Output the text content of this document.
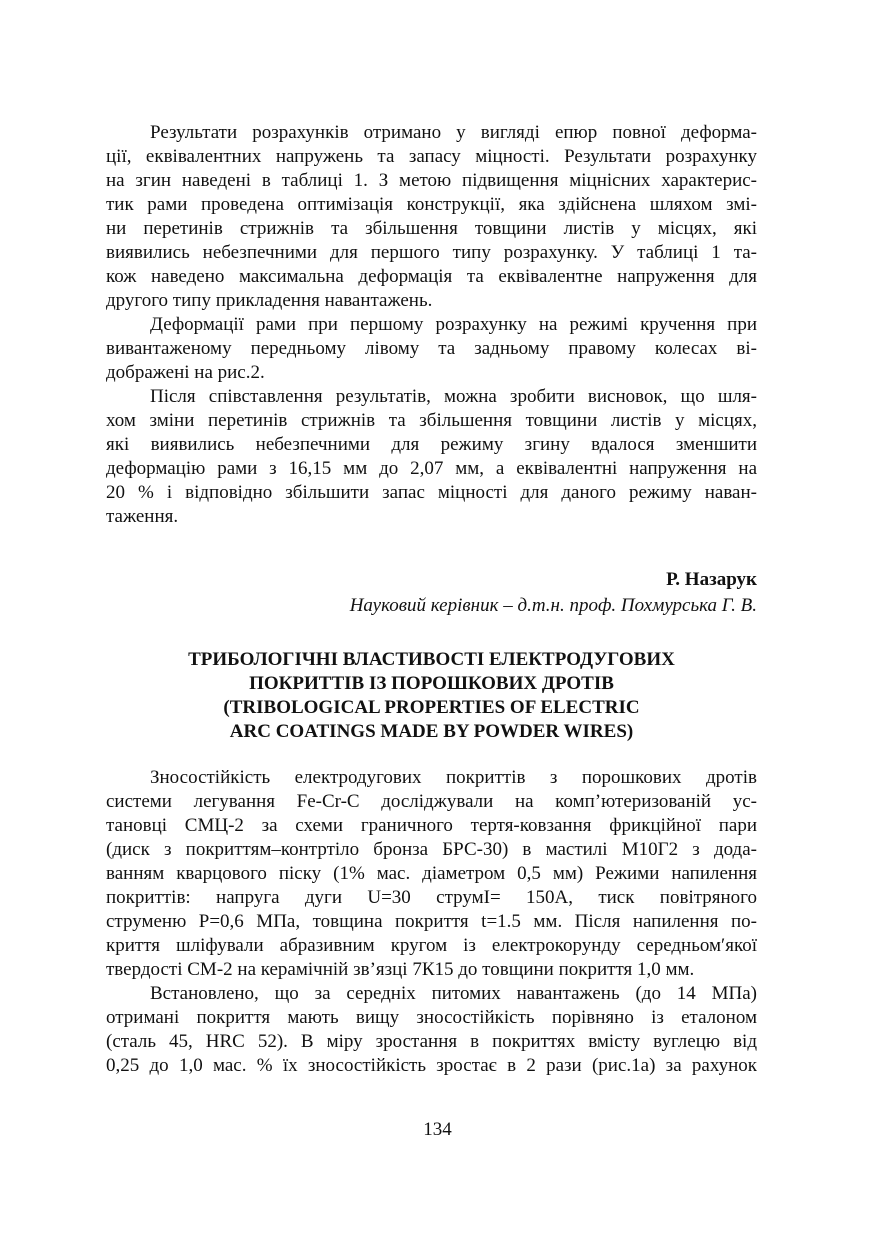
Результати розрахунків отримано у вигляді епюр повної деформа-
ції, еквівалентних напружень та запасу міцності. Результати розрахунку
на згин наведені в таблиці 1. З метою підвищення міцнісних характерис-
тик рами проведена оптимізація конструкції, яка здійснена шляхом змі-
ни перетинів стрижнів та збільшення товщини листів у місцях, які
виявились небезпечними для першого типу розрахунку. У таблиці 1 та-
кож наведено максимальна деформація та еквівалентне напруження для
другого типу прикладення навантажень.
Деформації рами при першому розрахунку на режимі кручення при
вивантаженому передньому лівому та задньому правому колесах ві-
дображені на рис.2.
Після співставлення результатів, можна зробити висновок, що шля-
хом зміни перетинів стрижнів та збільшення товщини листів у місцях,
які виявились небезпечними для режиму згину вдалося зменшити
деформацію рами з 16,15 мм до 2,07 мм, а еквівалентні напруження на
20 % і відповідно збільшити запас міцності для даного режиму наван-
таження.
Р. Назарук
Науковий керівник – д.т.н. проф. Похмурська Г. В.
ТРИБОЛОГІЧНІ ВЛАСТИВОСТІ ЕЛЕКТРОДУГОВИХ
ПОКРИТТІВ ІЗ ПОРОШКОВИХ ДРОТІВ
(TRIBOLOGICAL PROPERTIES OF ELECTRIC
ARC COATINGS MADE BY POWDER WIRES)
Зносостійкість електродугових покриттів з порошкових дротів
системи легування Fe-Cr-C досліджували на комп’ютеризованій ус-
тановці СМЦ-2 за схеми граничного тертя-ковзання фрикційної пари
(диск з покриттям–контртіло бронза БРС-30) в мастилі М10Г2 з дода-
ванням кварцового піску (1% мас. діаметром 0,5 мм) Режими напилення
покриттів: напруга дуги U=30 струмI= 150A, тиск повітряного
струменю Р=0,6 МПа, товщина покриття t=1.5 мм. Після напилення по-
криття шліфували абразивним кругом із електрокорунду середньом′якої
твердості СМ-2 на керамічній зв’язці 7К15 до товщини покриття 1,0 мм.
Встановлено, що за середніх питомих навантажень (до 14 МПа)
отримані покриття мають вищу зносостійкість порівняно із еталоном
(сталь 45, HRC 52). В міру зростання в покриттях вмісту вуглецю від
0,25 до 1,0 мас. % їх зносостійкість зростає в 2 рази (рис.1а) за рахунок
134
